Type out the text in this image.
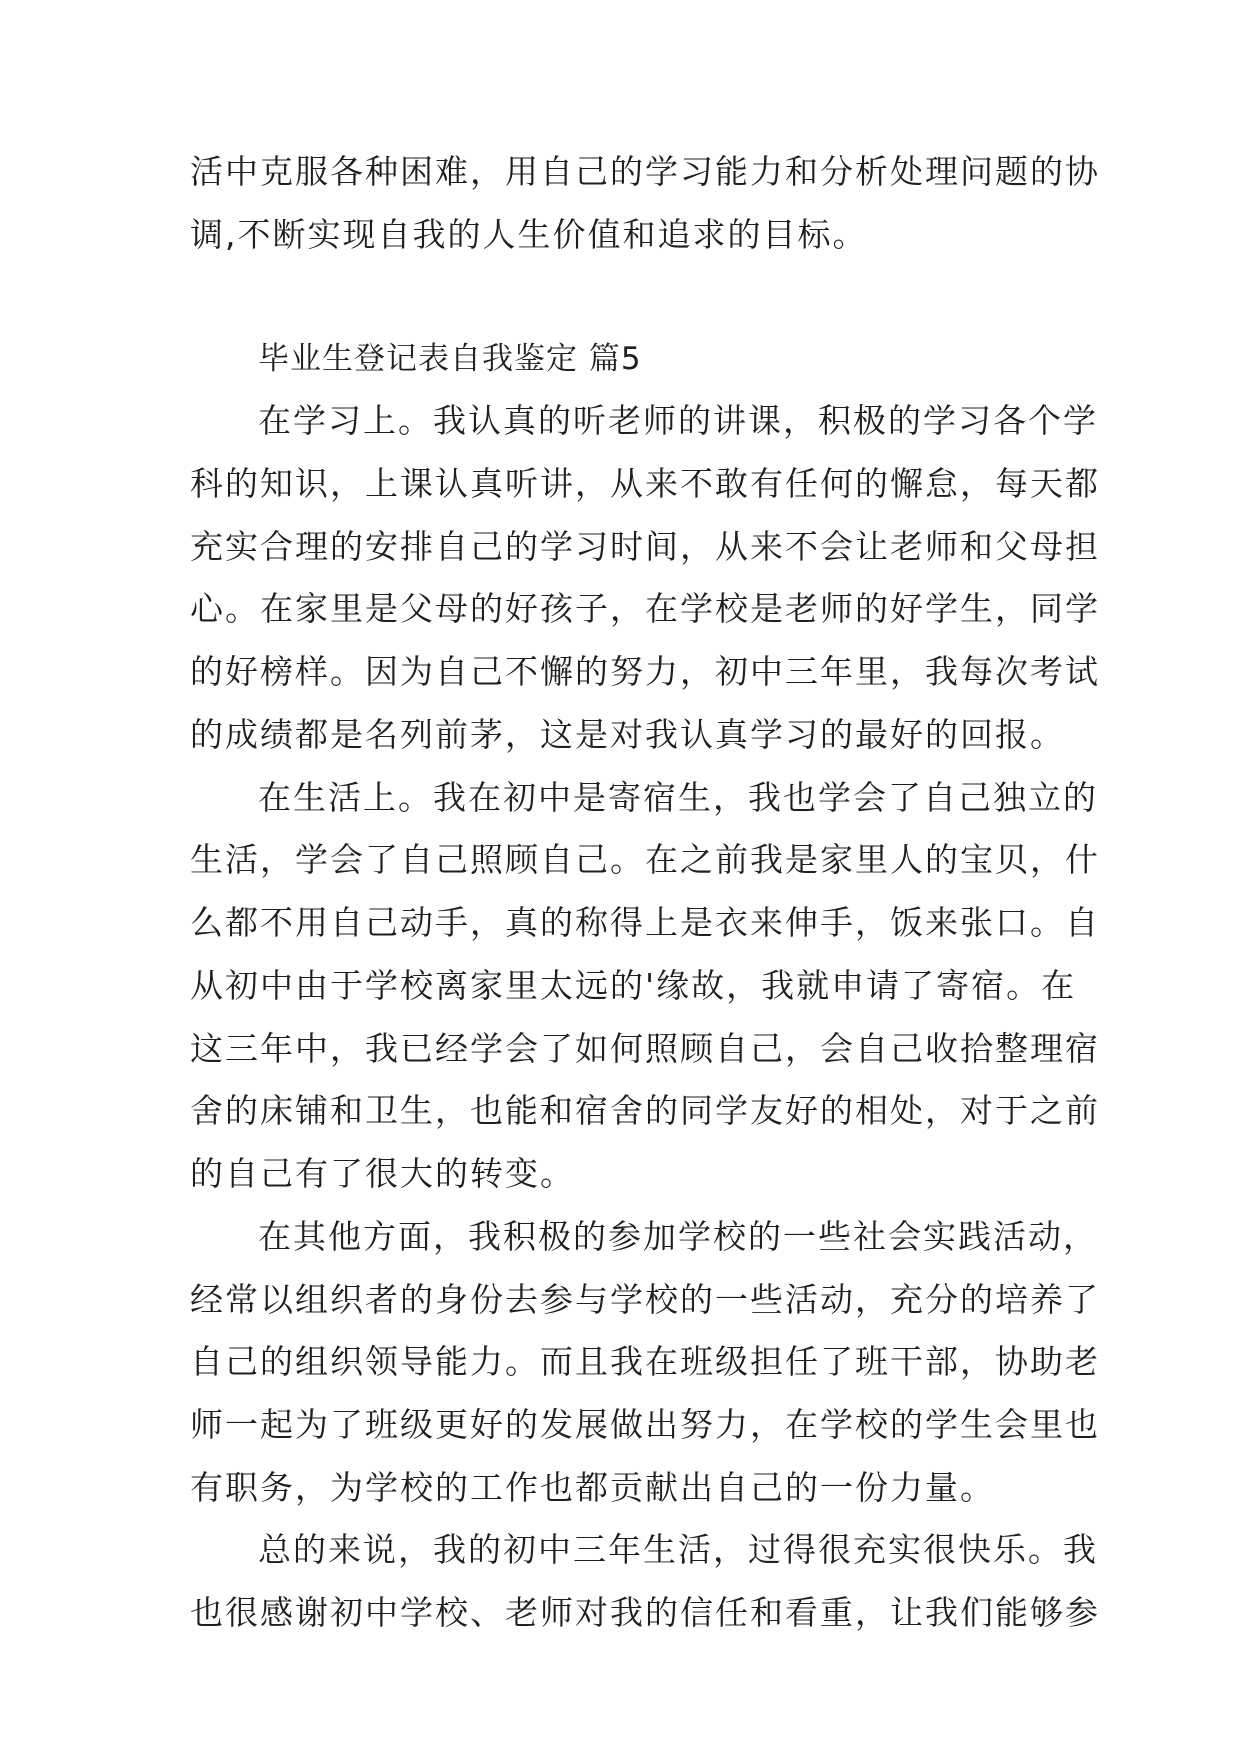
活中克服各种困难，用自己的学习能力和分析处理问题的协
调,不断实现自我的人生价值和追求的目标。
毕业生登记表自我鉴定 篇5
在学习上。我认真的听老师的讲课，积极的学习各个学
科的知识，上课认真听讲，从来不敢有任何的懈怠，每天都
充实合理的安排自己的学习时间，从来不会让老师和父母担
心。在家里是父母的好孩子，在学校是老师的好学生，同学
的好榜样。因为自己不懈的努力，初中三年里，我每次考试
的成绩都是名列前茅，这是对我认真学习的最好的回报。
在生活上。我在初中是寄宿生，我也学会了自己独立的
生活，学会了自己照顾自己。在之前我是家里人的宝贝，什
么都不用自己动手，真的称得上是衣来伸手，饭来张口。自
从初中由于学校离家里太远的'缘故，我就申请了寄宿。在
这三年中，我已经学会了如何照顾自己，会自己收拾整理宿
舍的床铺和卫生，也能和宿舍的同学友好的相处，对于之前
的自己有了很大的转变。
在其他方面，我积极的参加学校的一些社会实践活动，
经常以组织者的身份去参与学校的一些活动，充分的培养了
自己的组织领导能力。而且我在班级担任了班干部，协助老
师一起为了班级更好的发展做出努力，在学校的学生会里也
有职务，为学校的工作也都贡献出自己的一份力量。
总的来说，我的初中三年生活，过得很充实很快乐。我
也很感谢初中学校、老师对我的信任和看重，让我们能够参
